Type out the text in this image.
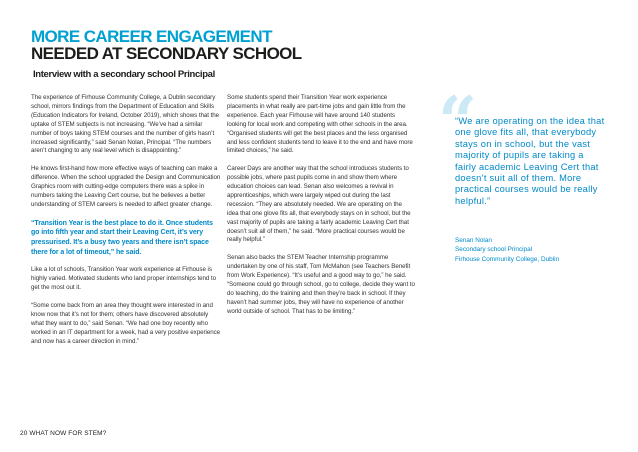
MORE CAREER ENGAGEMENT
NEEDED AT SECONDARY SCHOOL
Interview with a secondary school Principal

The experience of Firhouse Community College, a Dublin secondary school, mirrors findings from the Department of Education and Skills (Education Indicators for Ireland, October 2019), which shows that the uptake of STEM subjects is not increasing. “We’ve had a similar number of boys taking STEM courses and the number of girls hasn’t increased significantly,” said Senan Nolan, Principal. “The numbers aren’t changing to any real level which is disappointing.”

He knows first-hand how more effective ways of teaching can make a difference. When the school upgraded the Design and Communication Graphics room with cutting-edge computers there was a spike in numbers taking the Leaving Cert course, but he believes a better understanding of STEM careers is needed to affect greater change.

“Transition Year is the best place to do it. Once students go into fifth year and start their Leaving Cert, it’s very pressurised. It’s a busy two years and there isn’t space there for a lot of timeout,” he said.

Like a lot of schools, Transition Year work experience at Firhouse is highly varied. Motivated students who land proper internships tend to get the most out it.

“Some come back from an area they thought were interested in and know now that it’s not for them; others have discovered absolutely what they want to do,” said Senan. “We had one boy recently who worked in an IT department for a week, had a very positive experience and now has a career direction in mind.”

Some students spend their Transition Year work experience placements in what really are part-time jobs and gain little from the experience. Each year Firhouse will have around 140 students looking for local work and competing with other schools in the area. “Organised students will get the best places and the less organised and less confident students tend to leave it to the end and have more limited choices,” he said.

Career Days are another way that the school introduces students to possible jobs, where past pupils come in and show them where education choices can lead. Senan also welcomes a revival in apprenticeships, which were largely wiped out during the last recession. “They are absolutely needed. We are operating on the idea that one glove fits all, that everybody stays on in school, but the vast majority of pupils are taking a fairly academic Leaving Cert that doesn’t suit all of them,” he said. “More practical courses would be really helpful.”

Senan also backs the STEM Teacher Internship programme undertaken by one of his staff, Tom McMahon (see Teachers Benefit from Work Experience). “It’s useful and a good way to go,” he said. “Someone could go through school, go to college, decide they want to do teaching, do the training and then they’re back in school. If they haven’t had summer jobs, they will have no experience of another world outside of school. That has to be limiting.”

“
“We are operating on the idea that one glove fits all, that everybody stays on in school, but the vast majority of pupils are taking a fairly academic Leaving Cert that doesn’t suit all of them. More practical courses would be really helpful.”
Senan Nolan
Secondary school Principal
Firhouse Community College, Dublin
20 WHAT NOW FOR STEM?
